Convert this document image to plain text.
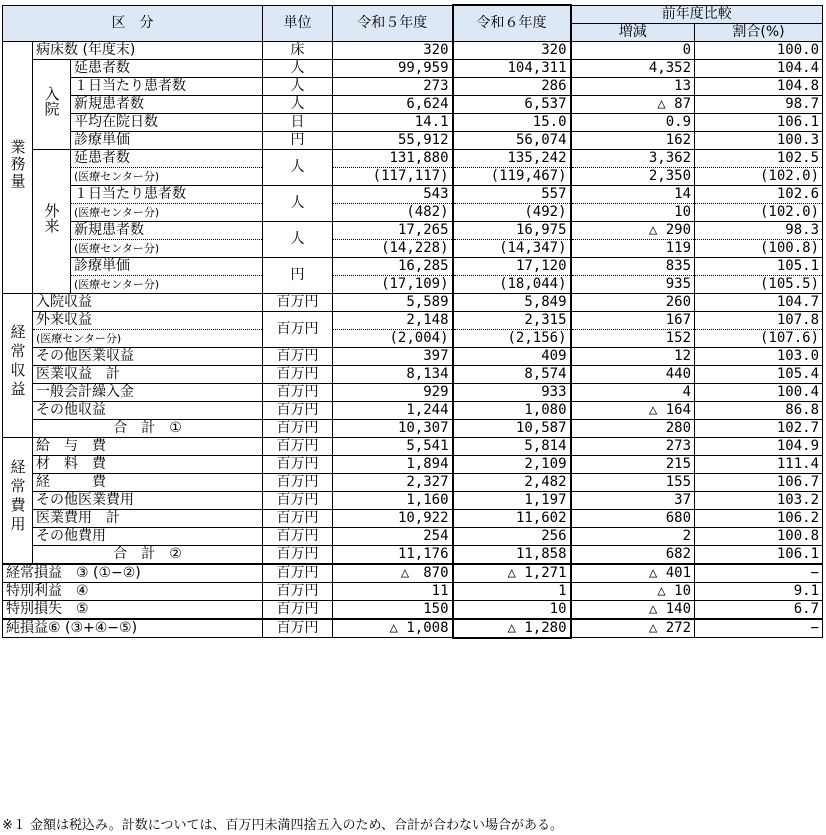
区　分			単位	令和５年度	令和６年度	前年度比較	
						増減	割合(%)
業務量	病床数 (年度末)		床	320	320	0	100.0
	入院	延患者数	人	99,959	104,311	4,352	104.4
		１日当たり患者数	人	273	286	13	104.8
		新規患者数	人	6,624	6,537	△ 87	98.7
		平均在院日数	日	14.1	15.0	0.9	106.1
		診療単価	円	55,912	56,074	162	100.3
	外来	延患者数	人	131,880	135,242	3,362	102.5
		(医療センター分)		(117,117)	(119,467)	2,350	(102.0)
		１日当たり患者数	人	543	557	14	102.6
		(医療センター分)		(482)	(492)	10	(102.0)
		新規患者数	人	17,265	16,975	△ 290	98.3
		(医療センター分)		(14,228)	(14,347)	119	(100.8)
		診療単価	円	16,285	17,120	835	105.1
		(医療センター分)		(17,109)	(18,044)	935	(105.5)
経常収益	入院収益		百万円	5,589	5,849	260	104.7
	外来収益		百万円	2,148	2,315	167	107.8
	(医療センター分)			(2,004)	(2,156)	152	(107.6)
	その他医業収益		百万円	397	409	12	103.0
	医業収益　計		百万円	8,134	8,574	440	105.4
	一般会計繰入金		百万円	929	933	4	100.4
	その他収益		百万円	1,244	1,080	△ 164	86.8
	合　計　①		百万円	10,307	10,587	280	102.7
経常費用	給　与　費		百万円	5,541	5,814	273	104.9
	材　料　費		百万円	1,894	2,109	215	111.4
	経　　　費		百万円	2,327	2,482	155	106.7
	その他医業費用		百万円	1,160	1,197	37	103.2
	医業費用　計		百万円	10,922	11,602	680	106.2
	その他費用		百万円	254	256	2	100.8
	合　計　②		百万円	11,176	11,858	682	106.1
経常損益　③ (①−②)			百万円	△　870	△ 1,271	△ 401	−
特別利益　④			百万円	11	1	△ 10	9.1
特別損失　⑤			百万円	150	10	△ 140	6.7
純損益⑥ (③+④−⑤)			百万円	△ 1,008	△ 1,280	△ 272	−
※１ 金額は税込み。計数については、百万円未満四捨五入のため、合計が合わない場合がある。
